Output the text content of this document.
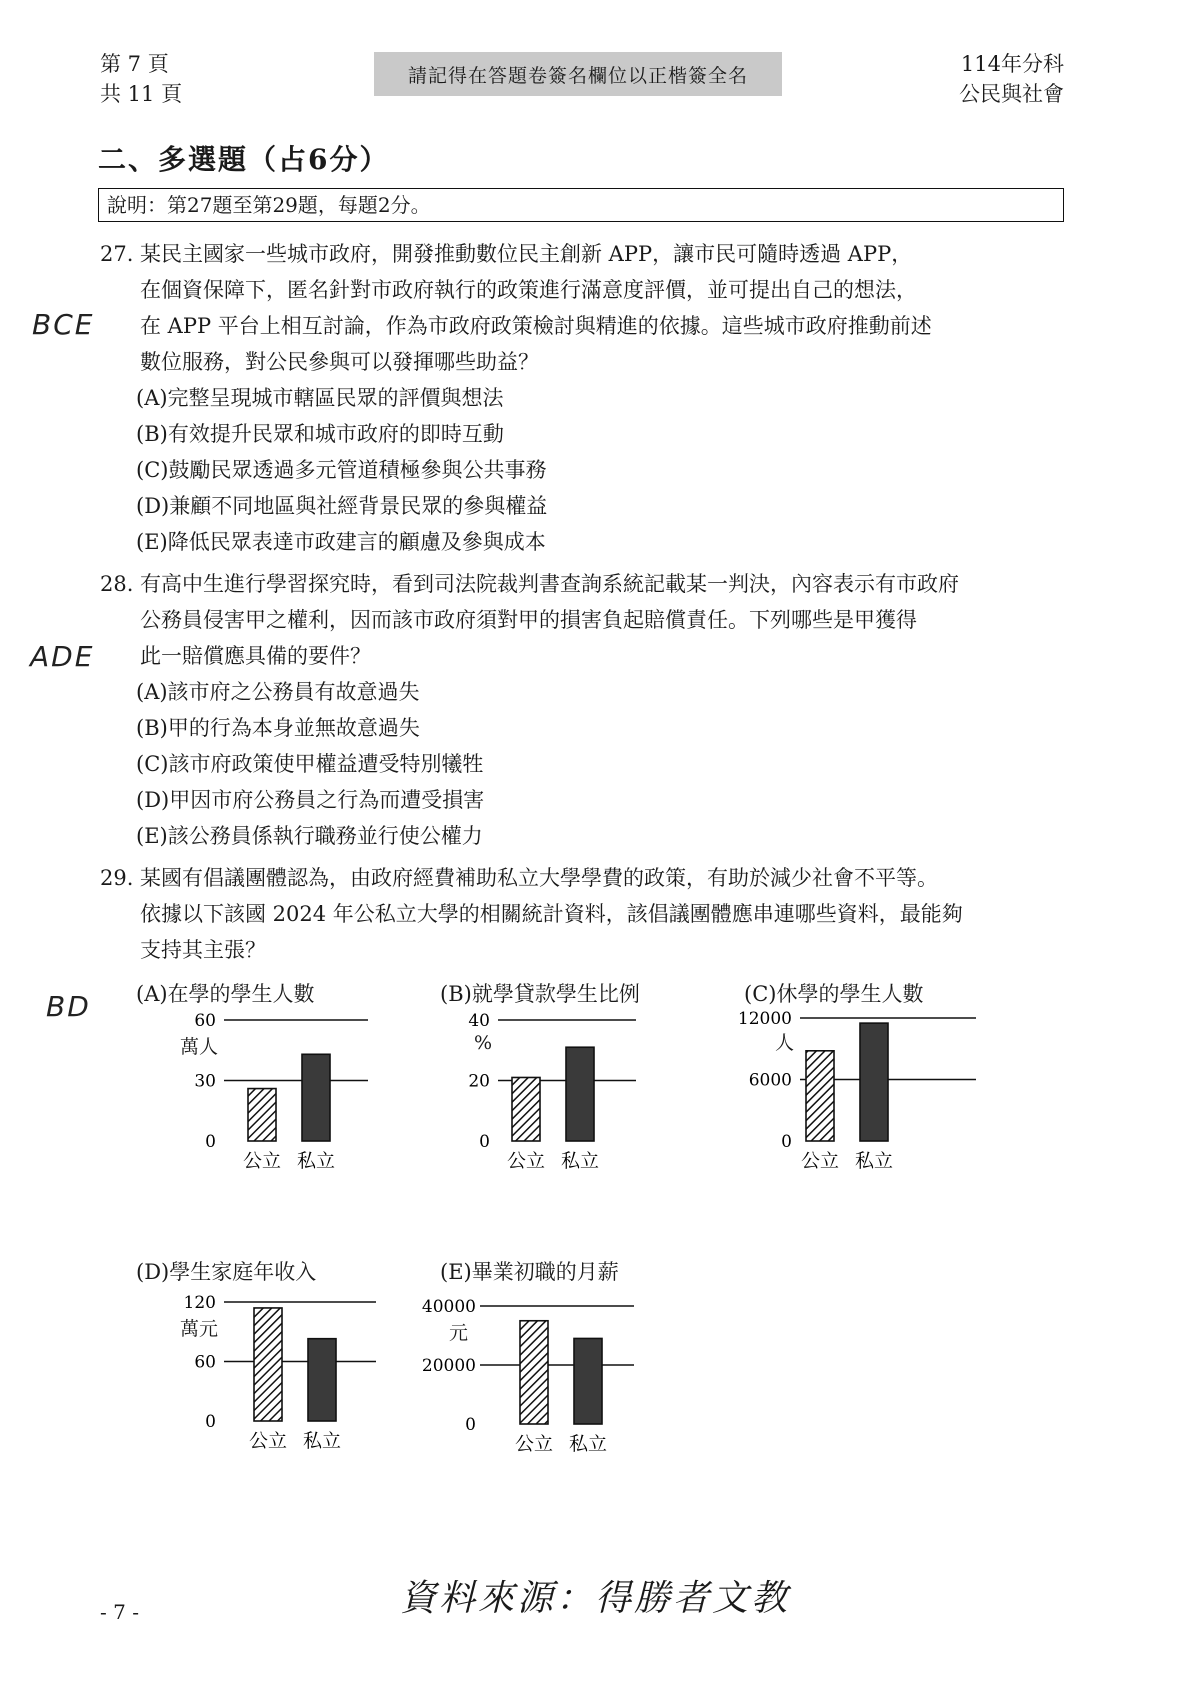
第 7 頁
共 11 頁
請記得在答題卷簽名欄位以正楷簽全名	114年分科
公民與社會
二、多選題（占6分）
說明：第27題至第29題，每題2分。
27. 某民主國家一些城市政府，開發推動數位民主創新 APP，讓市民可隨時透過 APP，
在個資保障下，匿名針對市政府執行的政策進行滿意度評價，並可提出自己的想法，
在 APP 平台上相互討論，作為市政府政策檢討與精進的依據。這些城市政府推動前述
數位服務，對公民參與可以發揮哪些助益？
BCE
(A)完整呈現城市轄區民眾的評價與想法
(B)有效提升民眾和城市政府的即時互動
(C)鼓勵民眾透過多元管道積極參與公共事務
(D)兼顧不同地區與社經背景民眾的參與權益
(E)降低民眾表達市政建言的顧慮及參與成本
28. 有高中生進行學習探究時，看到司法院裁判書查詢系統記載某一判決，內容表示有市政府
公務員侵害甲之權利，因而該市政府須對甲的損害負起賠償責任。下列哪些是甲獲得
此一賠償應具備的要件？
ADE
(A)該市府之公務員有故意過失
(B)甲的行為本身並無故意過失
(C)該市府政策使甲權益遭受特別犧牲
(D)甲因市府公務員之行為而遭受損害
(E)該公務員係執行職務並行使公權力
29. 某國有倡議團體認為，由政府經費補助私立大學學費的政策，有助於減少社會不平等。
依據以下該國 2024 年公私立大學的相關統計資料，該倡議團體應串連哪些資料，最能夠
支持其主張？
BD (A)在學的學生人數
萬人
0
30
60
公立 私立
(B)就學貸款學生比例
%
0
20
40
公立 私立
(C)休學的學生人數
人
0
6000
12000
公立 私立
(D)學生家庭年收入
萬元
0
60
120
公立 私立
(E)畢業初職的月薪
元
0
20000
40000
公立 私立
- 7 -	資料來源：得勝者文教
